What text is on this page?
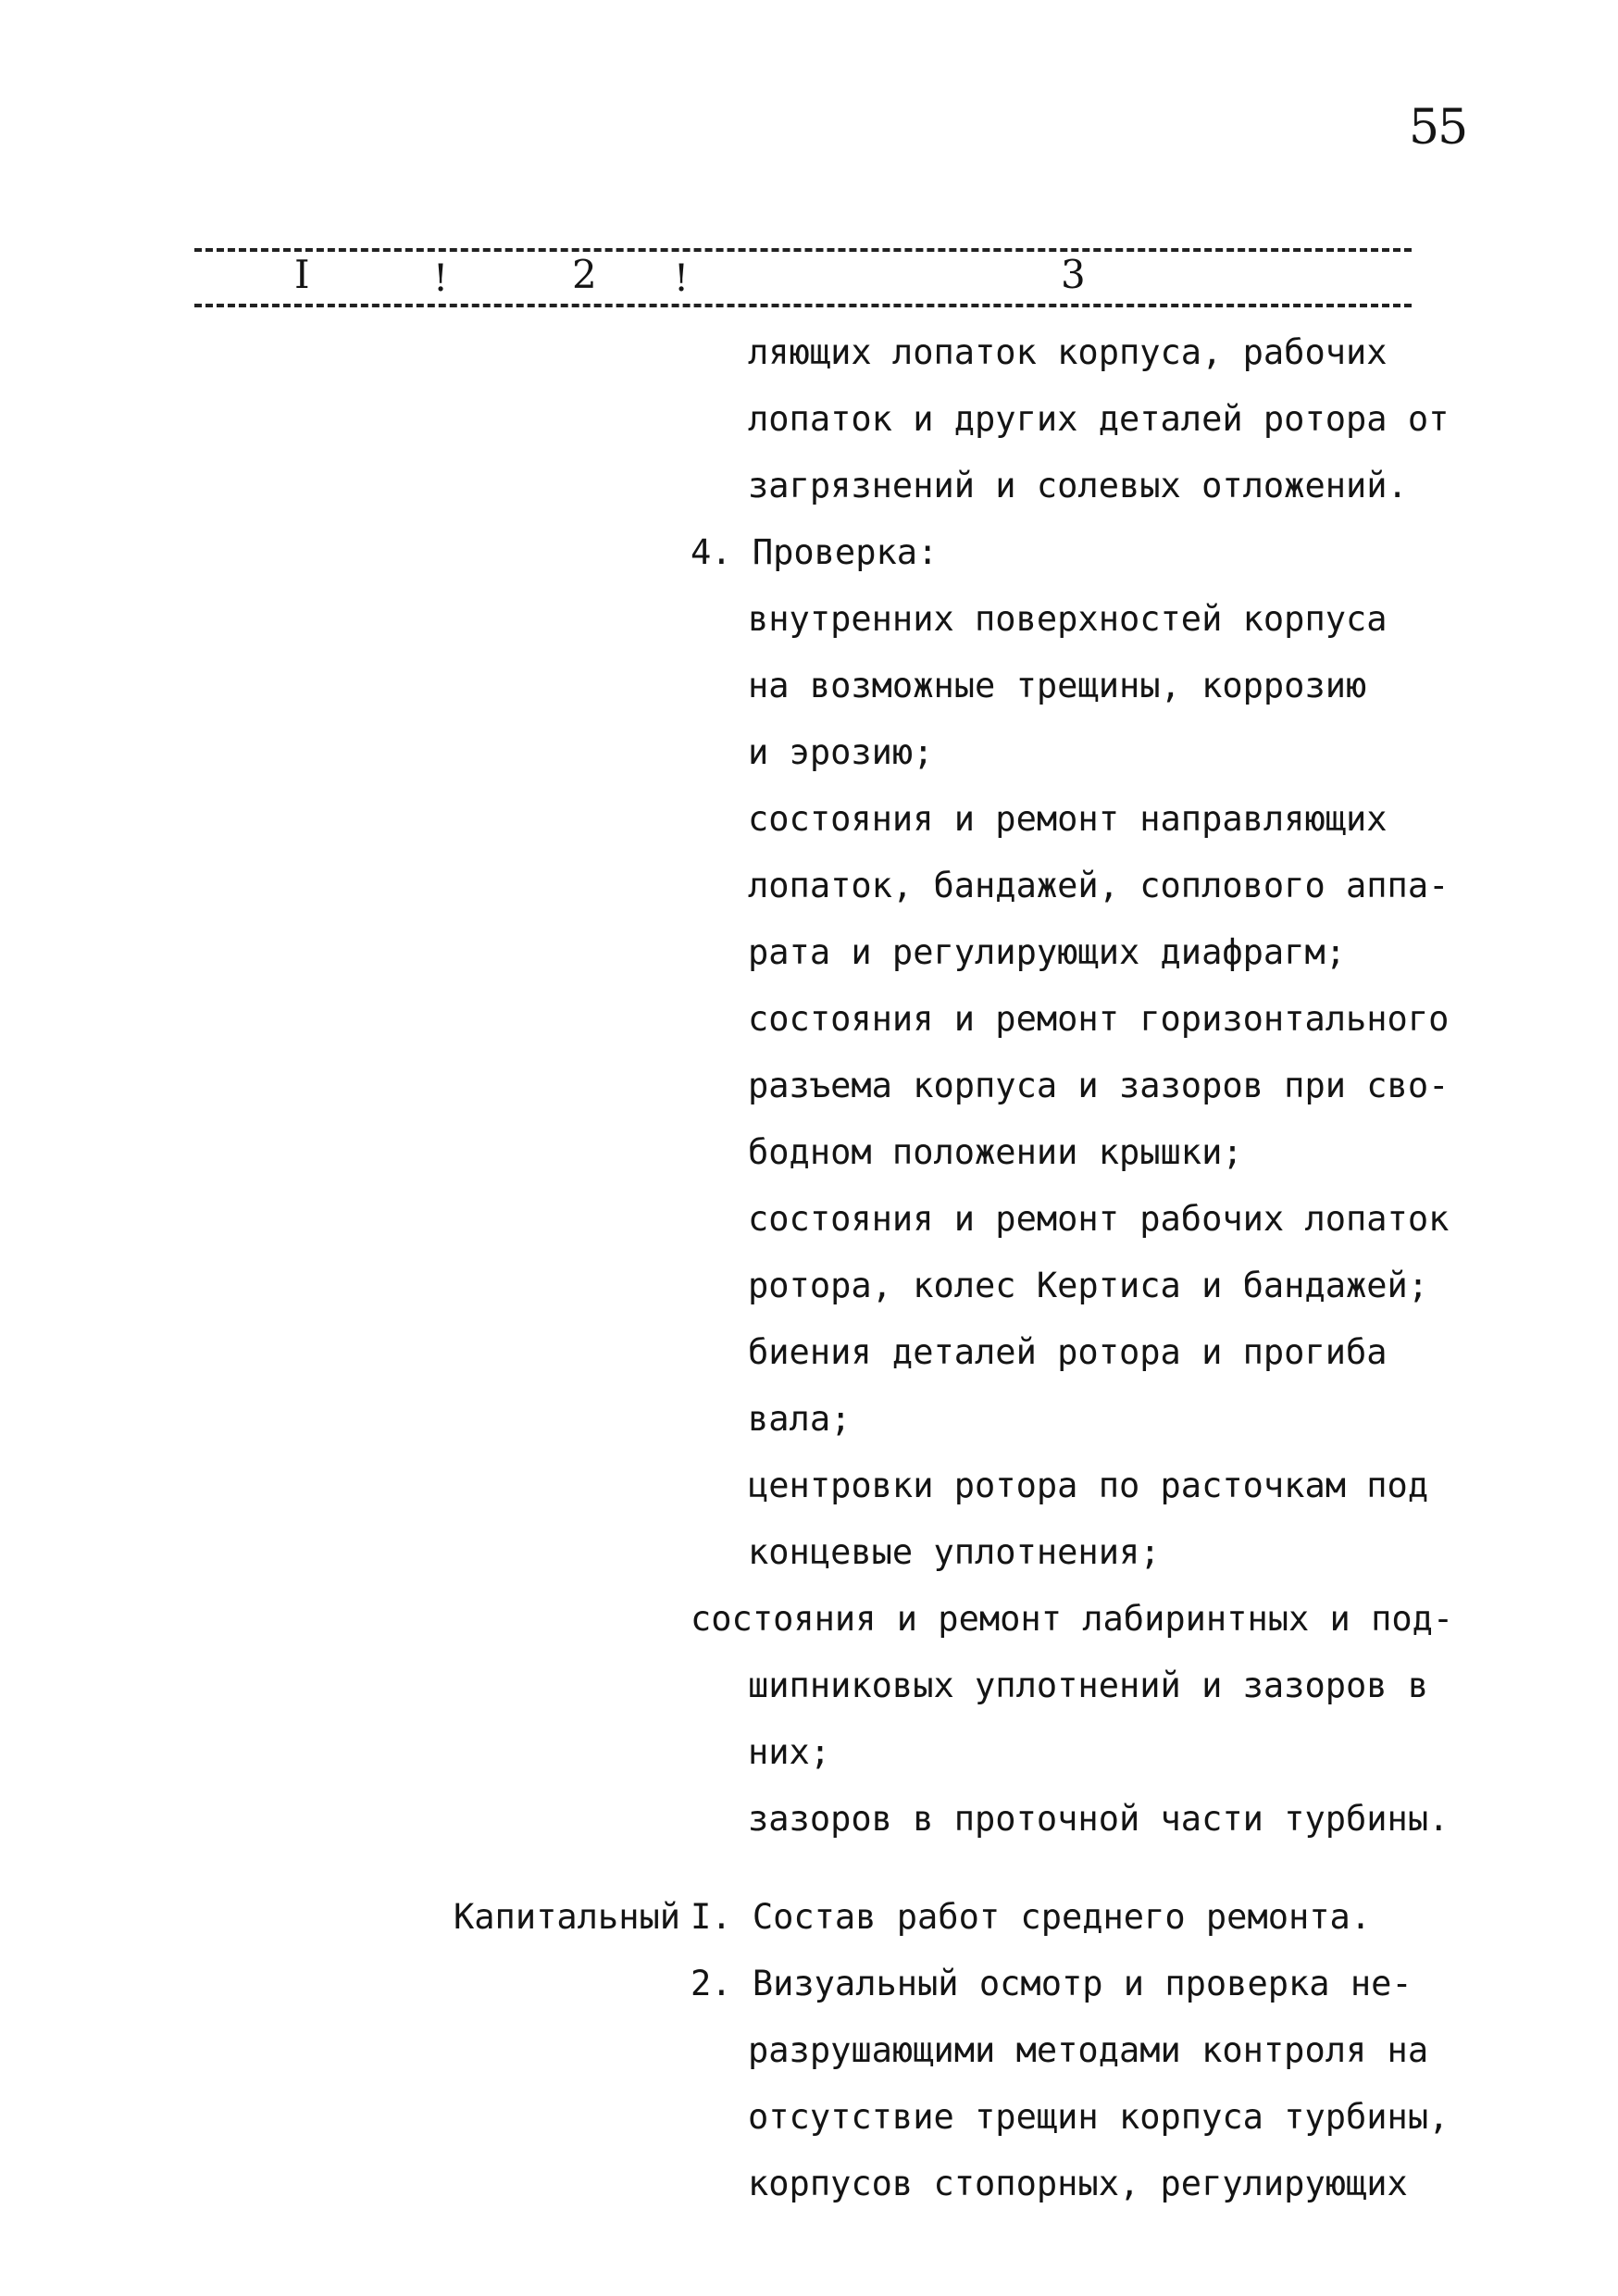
55
I	!	2 !	3
ляющих лопаток корпуса, рабочих
лопаток и других деталей ротора от
загрязнений и солевых отложений.
4. Проверка:
внутренних поверхностей корпуса
на возможные трещины, коррозию
и эрозию;
состояния и ремонт направляющих
лопаток, бандажей, соплового аппа-
рата и регулирующих диафрагм;
состояния и ремонт горизонтального
разъема корпуса и зазоров при сво-
бодном положении крышки;
состояния и ремонт рабочих лопаток
ротора, колес Кертиса и бандажей;
биения деталей ротора и прогиба
вала;
центровки ротора по расточкам под
концевые уплотнения;
состояния и ремонт лабиринтных и под-
шипниковых уплотнений и зазоров в
них;
зазоров в проточной части турбины.
Капитальный I. Состав работ среднего ремонта.
2. Визуальный осмотр и проверка не-
разрушающими методами контроля на
отсутствие трещин корпуса турбины,
корпусов стопорных, регулирующих
